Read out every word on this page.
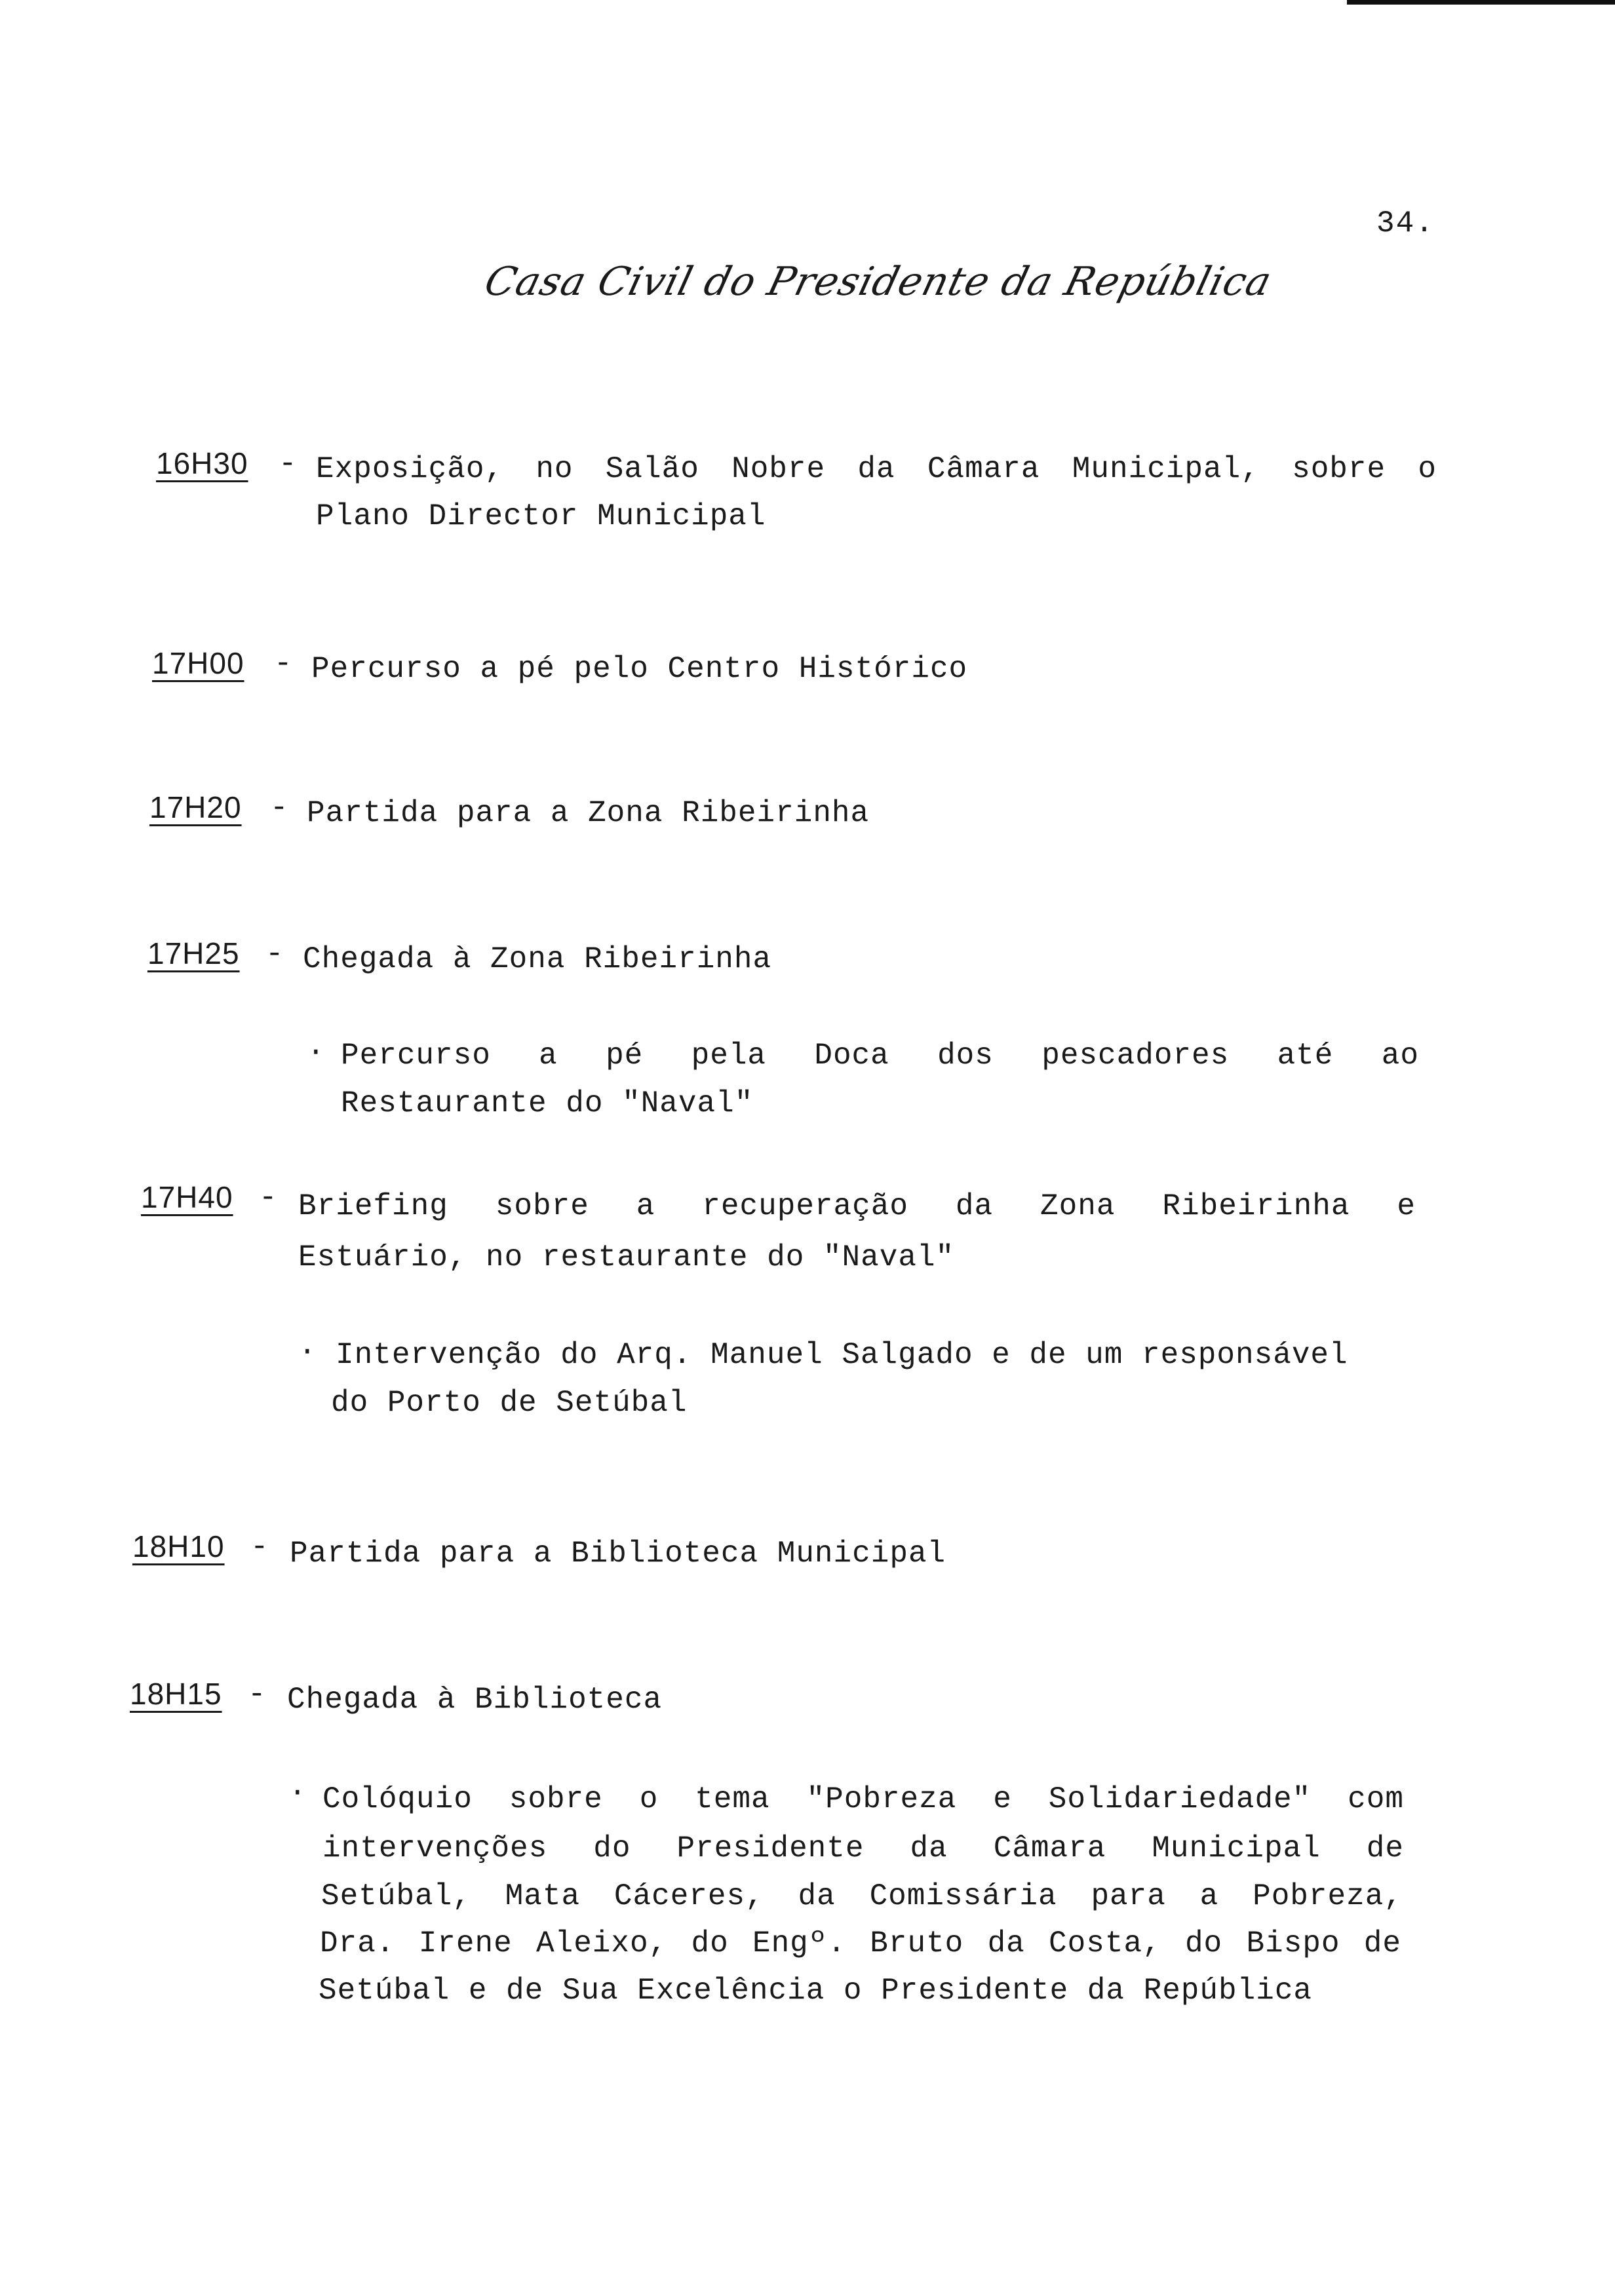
34.
Casa Civil do Presidente da República
16H30 - Exposição, no Salão Nobre da Câmara Municipal, sobre o
Plano Director Municipal
17H00 - Percurso a pé pelo Centro Histórico
17H20 - Partida para a Zona Ribeirinha
17H25 - Chegada à Zona Ribeirinha
· Percurso a pé pela Doca dos pescadores até ao
Restaurante do "Naval"
17H40 - Briefing sobre a recuperação da Zona Ribeirinha e
Estuário, no restaurante do "Naval"
· Intervenção do Arq. Manuel Salgado e de um responsável
do Porto de Setúbal
18H10 - Partida para a Biblioteca Municipal
18H15 - Chegada à Biblioteca
· Colóquio sobre o tema "Pobreza e Solidariedade" com
intervenções do Presidente da Câmara Municipal de
Setúbal, Mata Cáceres, da Comissária para a Pobreza,
Dra. Irene Aleixo, do Engº. Bruto da Costa, do Bispo de
Setúbal e de Sua Excelência o Presidente da República
